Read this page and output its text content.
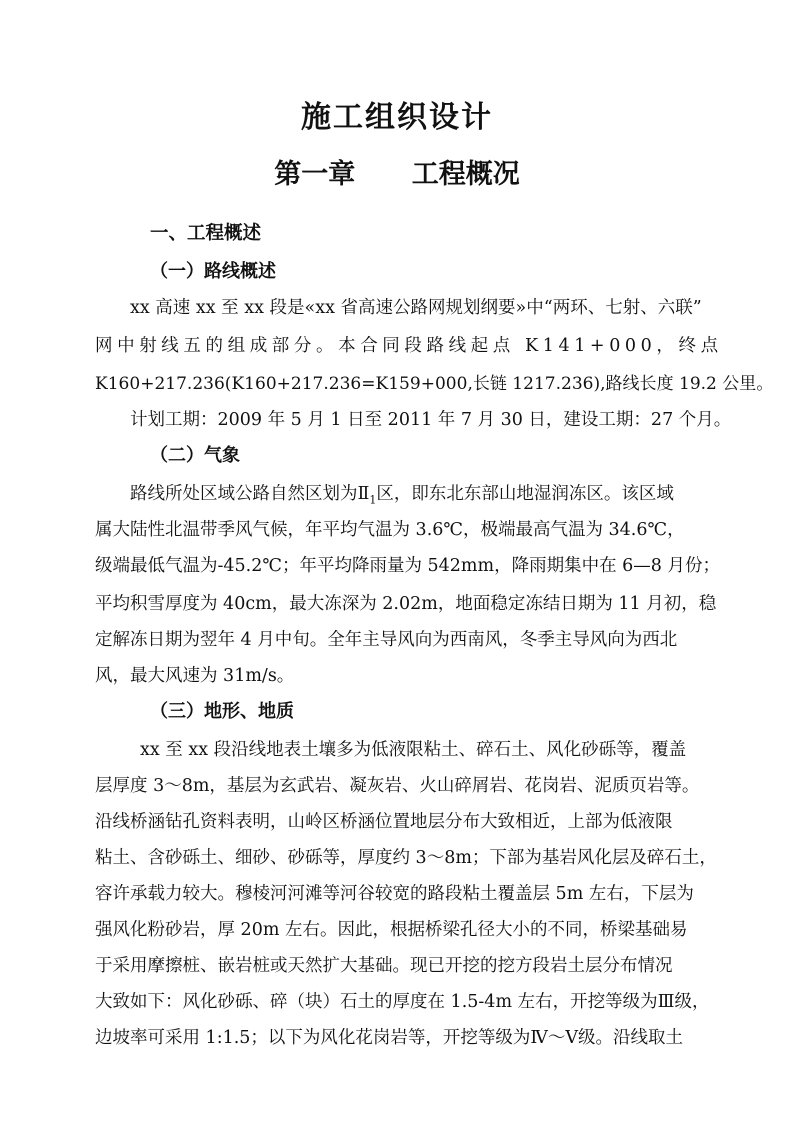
施工组织设计
第一章      工程概况
一、工程概述
（一）路线概述
xx 高速 xx 至 xx 段是«xx 省高速公路网规划纲要»中“两环、七射、六联”
网中射线五的组成部分。本合同段路线起点 K141+000，终点
K160+217.236(K160+217.236=K159+000,长链 1217.236),路线长度 19.2 公里。
计划工期：2009 年 5 月 1 日至 2011 年 7 月 30 日，建设工期：27 个月。
（二）气象
路线所处区域公路自然区划为$Ⅱ_1$区，即东北东部山地湿润冻区。该区域
属大陆性北温带季风气候，年平均气温为 3.6℃，极端最高气温为 34.6℃，
级端最低气温为-45.2℃；年平均降雨量为 542mm，降雨期集中在 6—8 月份；
平均积雪厚度为 40cm，最大冻深为 2.02m，地面稳定冻结日期为 11 月初，稳
定解冻日期为翌年 4 月中旬。全年主导风向为西南风，冬季主导风向为西北
风，最大风速为 31m/s。
（三）地形、地质
xx 至 xx 段沿线地表土壤多为低液限粘土、碎石土、风化砂砾等，覆盖
层厚度 3～8m，基层为玄武岩、凝灰岩、火山碎屑岩、花岗岩、泥质页岩等。
沿线桥涵钻孔资料表明，山岭区桥涵位置地层分布大致相近，上部为低液限
粘土、含砂砾土、细砂、砂砾等，厚度约 3～8m；下部为基岩风化层及碎石土，
容许承载力较大。穆棱河河滩等河谷较宽的路段粘土覆盖层 5m 左右，下层为
强风化粉砂岩，厚 20m 左右。因此，根据桥梁孔径大小的不同，桥梁基础易
于采用摩擦桩、嵌岩桩或天然扩大基础。现已开挖的挖方段岩土层分布情况
大致如下：风化砂砾、碎（块）石土的厚度在 1.5-4m 左右，开挖等级为Ⅲ级，
边坡率可采用 1:1.5；以下为风化花岗岩等，开挖等级为Ⅳ～Ⅴ级。沿线取土
